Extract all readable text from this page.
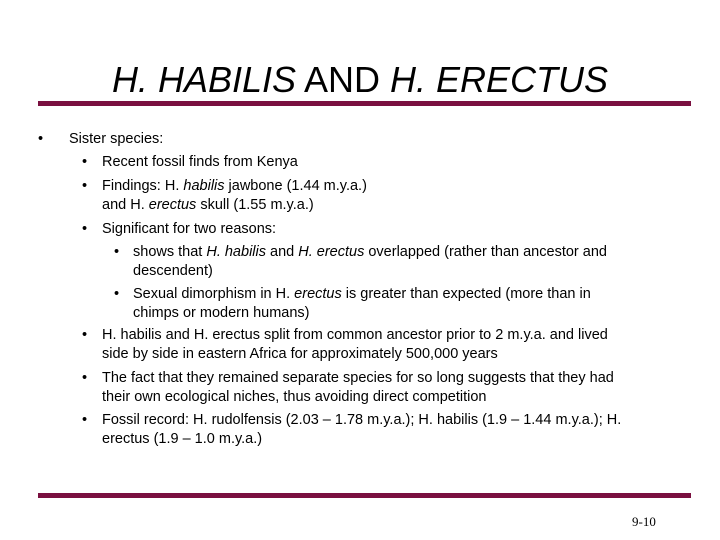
H. HABILIS AND H. ERECTUS
• Sister species:
• Recent fossil finds from Kenya
• Findings: H. habilis jawbone (1.44 m.y.a.)
and H. erectus skull (1.55 m.y.a.)
• Significant for two reasons:
• shows that H. habilis and H. erectus overlapped (rather than ancestor and
descendent)
• Sexual dimorphism in H. erectus is greater than expected (more than in
chimps or modern humans)
• H. habilis and H. erectus split from common ancestor prior to 2 m.y.a. and lived
side by side in eastern Africa for approximately 500,000 years
• The fact that they remained separate species for so long suggests that they had
their own ecological niches, thus avoiding direct competition
• Fossil record: H. rudolfensis (2.03 – 1.78 m.y.a.); H. habilis (1.9 – 1.44 m.y.a.); H.
erectus (1.9 – 1.0 m.y.a.)
9-10
